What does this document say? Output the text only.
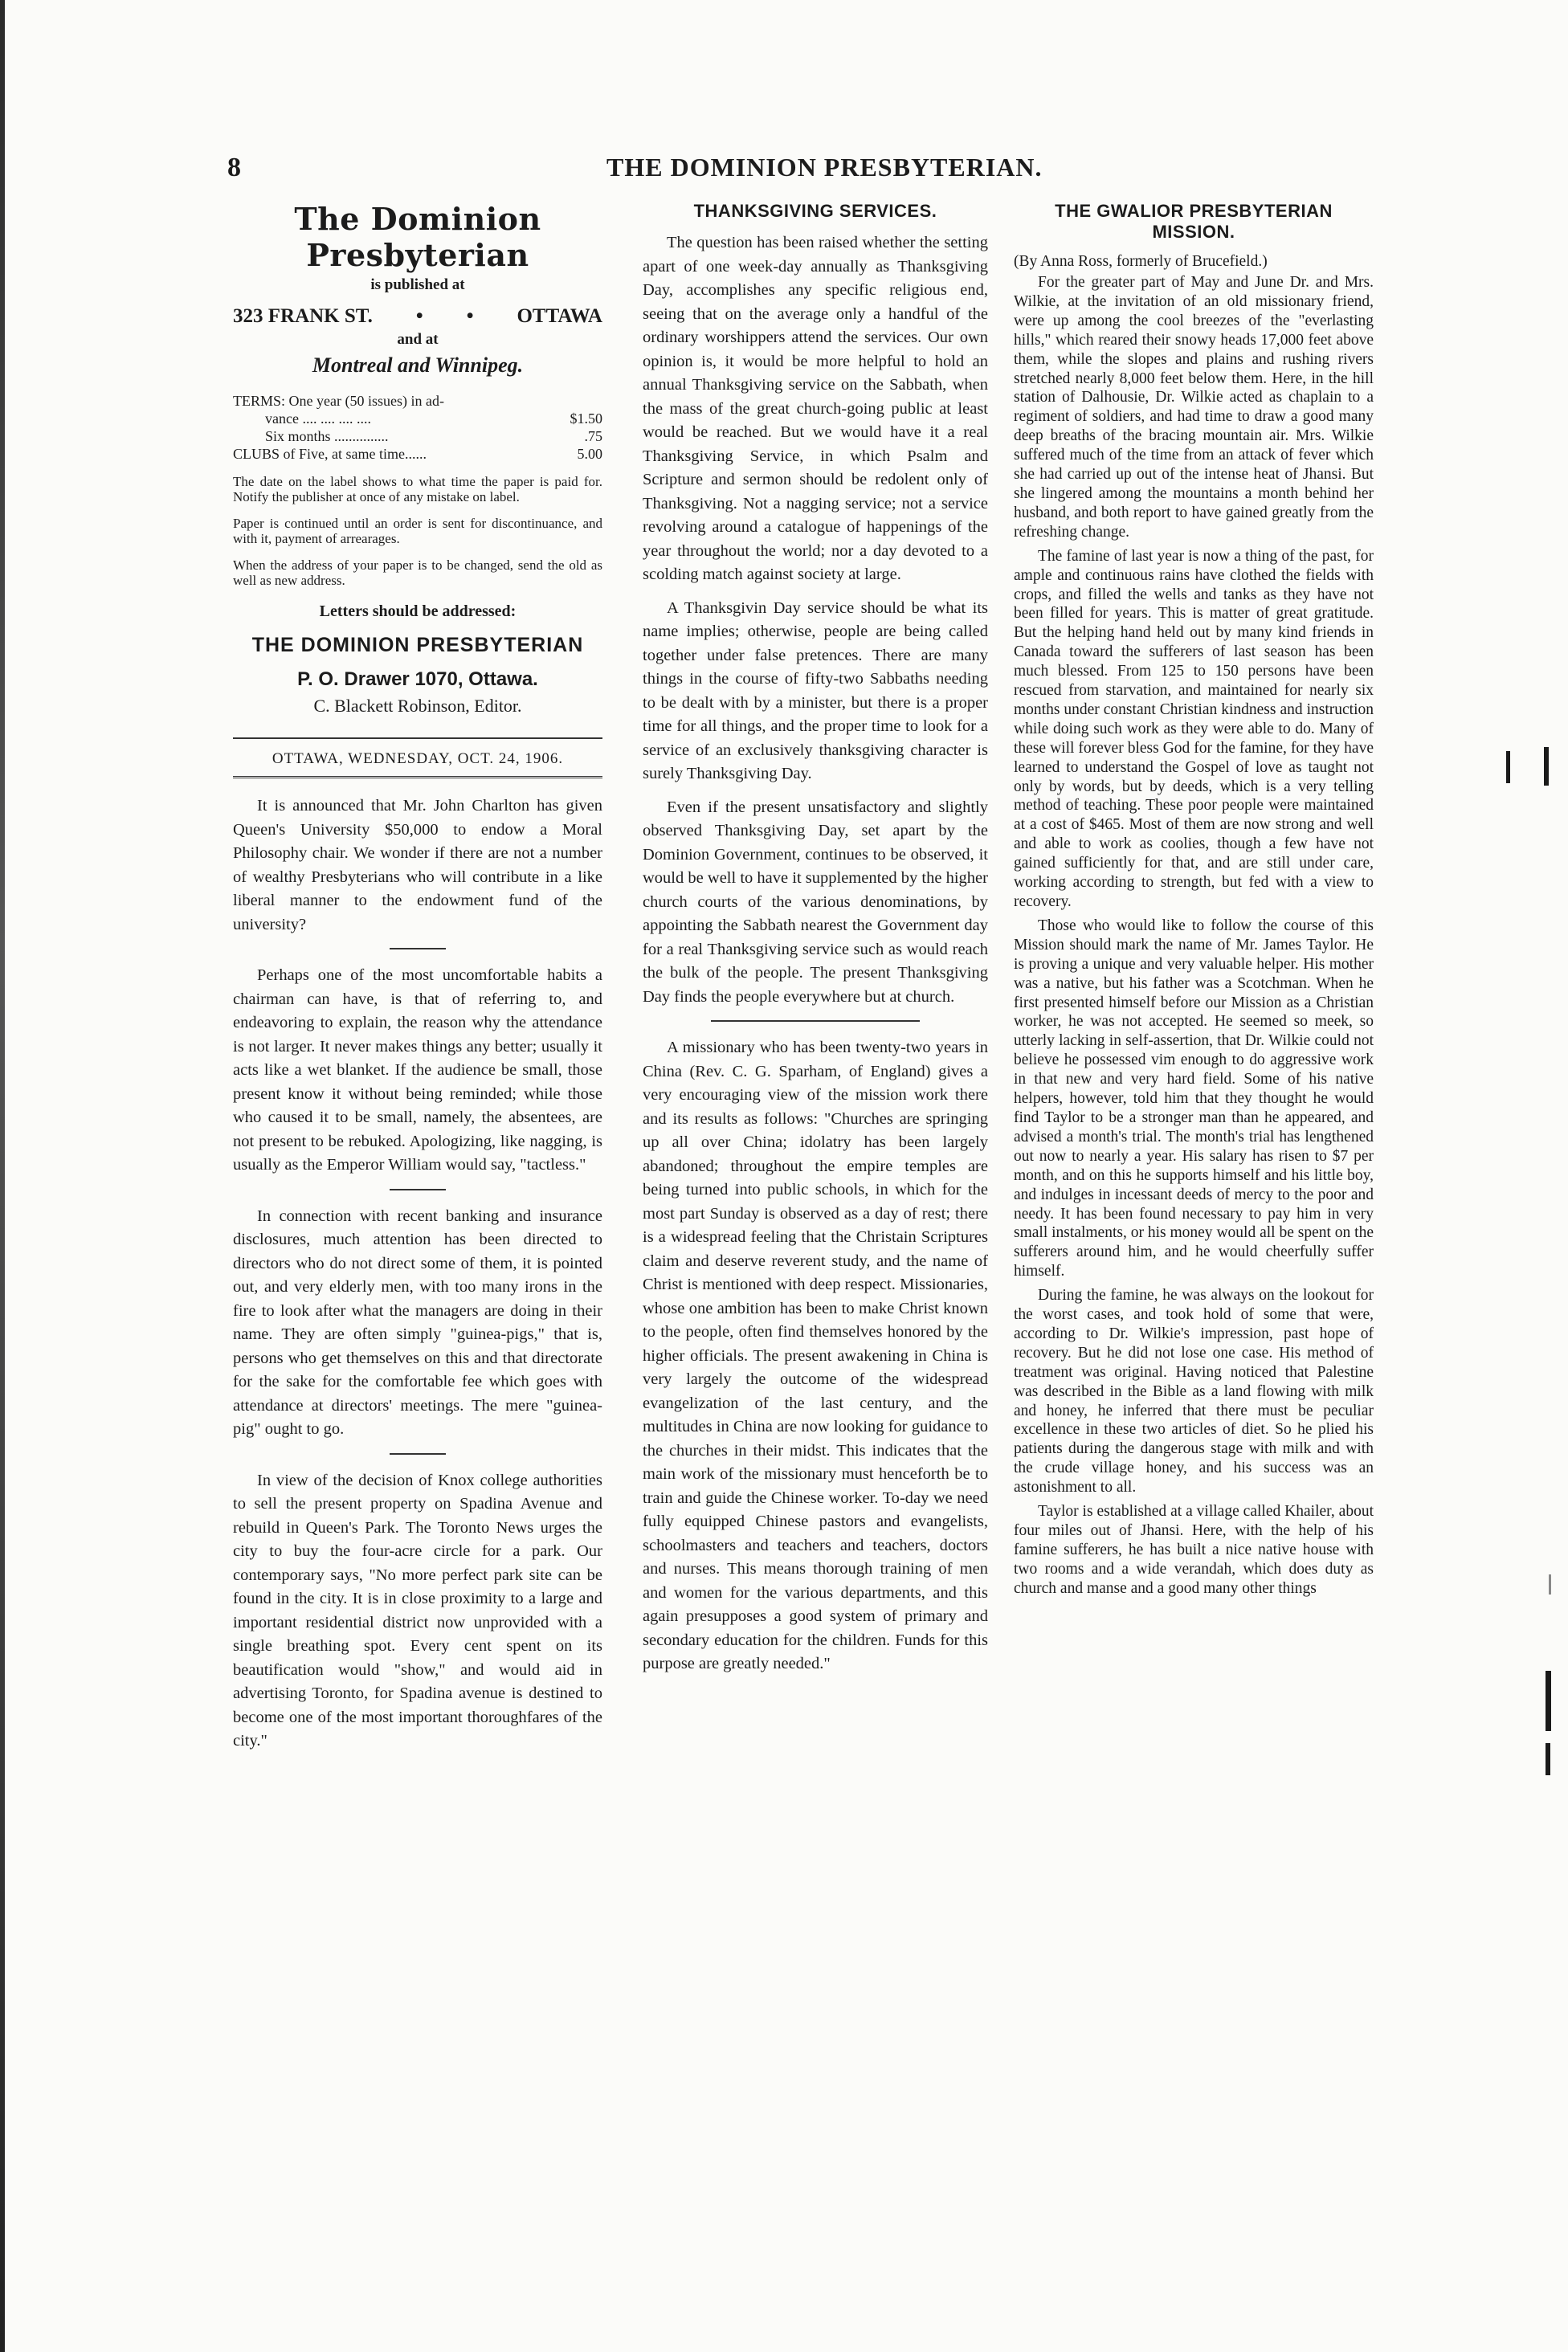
8	THE DOMINION PRESBYTERIAN.
The Dominion Presbyterian
is published at
323 FRANK ST. • • OTTAWA
and at
Montreal and Winnipeg.
TERMS: One year (50 issues) in ad-
vance .... .... .... ....	$1.50
Six months ...............	.75
CLUBS of Five, at same time......	5.00
The date on the label shows to what time the paper is paid for. Notify the publisher at once of any mistake on label.
Paper is continued until an order is sent for discontinuance, and with it, payment of arrearages.
When the address of your paper is to be changed, send the old as well as new address.
Letters should be addressed:
THE DOMINION PRESBYTERIAN
P. O. Drawer 1070, Ottawa.
C. Blackett Robinson, Editor.
OTTAWA, WEDNESDAY, OCT. 24, 1906.

It is announced that Mr. John Charlton has given Queen's University $50,000 to endow a Moral Philosophy chair. We wonder if there are not a number of wealthy Presbyterians who will contribute in a like liberal manner to the endowment fund of the university?

Perhaps one of the most uncomfortable habits a chairman can have, is that of referring to, and endeavoring to explain, the reason why the attendance is not larger. It never makes things any better; usually it acts like a wet blanket. If the audience be small, those present know it without being reminded; while those who caused it to be small, namely, the absentees, are not present to be rebuked. Apologizing, like nagging, is usually as the Emperor William would say, "tactless."

In connection with recent banking and insurance disclosures, much attention has been directed to directors who do not direct some of them, it is pointed out, and very elderly men, with too many irons in the fire to look after what the managers are doing in their name. They are often simply "guinea-pigs," that is, persons who get themselves on this and that directorate for the sake for the comfortable fee which goes with attendance at directors' meetings. The mere "guinea-pig" ought to go.

In view of the decision of Knox college authorities to sell the present property on Spadina Avenue and rebuild in Queen's Park. The Toronto News urges the city to buy the four-acre circle for a park. Our contemporary says, "No more perfect park site can be found in the city. It is in close proximity to a large and important residential district now unprovided with a single breathing spot. Every cent spent on its beautification would "show," and would aid in advertising Toronto, for Spadina avenue is destined to become one of the most important thoroughfares of the city."

THANKSGIVING SERVICES.

The question has been raised whether the setting apart of one week-day annually as Thanksgiving Day, accomplishes any specific religious end, seeing that on the average only a handful of the ordinary worshippers attend the services. Our own opinion is, it would be more helpful to hold an annual Thanksgiving service on the Sabbath, when the mass of the great church-going public at least would be reached. But we would have it a real Thanksgiving Service, in which Psalm and Scripture and sermon should be redolent only of Thanksgiving. Not a nagging service; not a service revolving around a catalogue of happenings of the year throughout the world; nor a day devoted to a scolding match against society at large.

A Thanksgivin Day service should be what its name implies; otherwise, people are being called together under false pretences. There are many things in the course of fifty-two Sabbaths needing to be dealt with by a minister, but there is a proper time for all things, and the proper time to look for a service of an exclusively thanksgiving character is surely Thanksgiving Day.

Even if the present unsatisfactory and slightly observed Thanksgiving Day, set apart by the Dominion Government, continues to be observed, it would be well to have it supplemented by the higher church courts of the various denominations, by appointing the Sabbath nearest the Government day for a real Thanksgiving service such as would reach the bulk of the people. The present Thanksgiving Day finds the people everywhere but at church.

A missionary who has been twenty-two years in China (Rev. C. G. Sparham, of England) gives a very encouraging view of the mission work there and its results as follows: "Churches are springing up all over China; idolatry has been largely abandoned; throughout the empire temples are being turned into public schools, in which for the most part Sunday is observed as a day of rest; there is a widespread feeling that the Christain Scriptures claim and deserve reverent study, and the name of Christ is mentioned with deep respect. Missionaries, whose one ambition has been to make Christ known to the people, often find themselves honored by the higher officials. The present awakening in China is very largely the outcome of the widespread evangelization of the last century, and the multitudes in China are now looking for guidance to the churches in their midst. This indicates that the main work of the missionary must henceforth be to train and guide the Chinese worker. To-day we need fully equipped Chinese pastors and evangelists, schoolmasters and teachers and teachers, doctors and nurses. This means thorough training of men and women for the various departments, and this again presupposes a good system of primary and secondary education for the children. Funds for this purpose are greatly needed."

THE GWALIOR PRESBYTERIAN MISSION.
(By Anna Ross, formerly of Brucefield.)

For the greater part of May and June Dr. and Mrs. Wilkie, at the invitation of an old missionary friend, were up among the cool breezes of the "everlasting hills," which reared their snowy heads 17,000 feet above them, while the slopes and plains and rushing rivers stretched nearly 8,000 feet below them. Here, in the hill station of Dalhousie, Dr. Wilkie acted as chaplain to a regiment of soldiers, and had time to draw a good many deep breaths of the bracing mountain air. Mrs. Wilkie suffered much of the time from an attack of fever which she had carried up out of the intense heat of Jhansi. But she lingered among the mountains a month behind her husband, and both report to have gained greatly from the refreshing change.

The famine of last year is now a thing of the past, for ample and continuous rains have clothed the fields with crops, and filled the wells and tanks as they have not been filled for years. This is matter of great gratitude. But the helping hand held out by many kind friends in Canada toward the sufferers of last season has been much blessed. From 125 to 150 persons have been rescued from starvation, and maintained for nearly six months under constant Christian kindness and instruction while doing such work as they were able to do. Many of these will forever bless God for the famine, for they have learned to understand the Gospel of love as taught not only by words, but by deeds, which is a very telling method of teaching. These poor people were maintained at a cost of $465. Most of them are now strong and well and able to work as coolies, though a few have not gained sufficiently for that, and are still under care, working according to strength, but fed with a view to recovery.

Those who would like to follow the course of this Mission should mark the name of Mr. James Taylor. He is proving a unique and very valuable helper. His mother was a native, but his father was a Scotchman. When he first presented himself before our Mission as a Christian worker, he was not accepted. He seemed so meek, so utterly lacking in self-assertion, that Dr. Wilkie could not believe he possessed vim enough to do aggressive work in that new and very hard field. Some of his native helpers, however, told him that they thought he would find Taylor to be a stronger man than he appeared, and advised a month's trial. The month's trial has lengthened out now to nearly a year. His salary has risen to $7 per month, and on this he supports himself and his little boy, and indulges in incessant deeds of mercy to the poor and needy. It has been found necessary to pay him in very small instalments, or his money would all be spent on the sufferers around him, and he would cheerfully suffer himself.

During the famine, he was always on the lookout for the worst cases, and took hold of some that were, according to Dr. Wilkie's impression, past hope of recovery. But he did not lose one case. His method of treatment was original. Having noticed that Palestine was described in the Bible as a land flowing with milk and honey, he inferred that there must be peculiar excellence in these two articles of diet. So he plied his patients during the dangerous stage with milk and with the crude village honey, and his success was an astonishment to all.

Taylor is established at a village called Khailer, about four miles out of Jhansi. Here, with the help of his famine sufferers, he has built a nice native house with two rooms and a wide verandah, which does duty as church and manse and a good many other things
